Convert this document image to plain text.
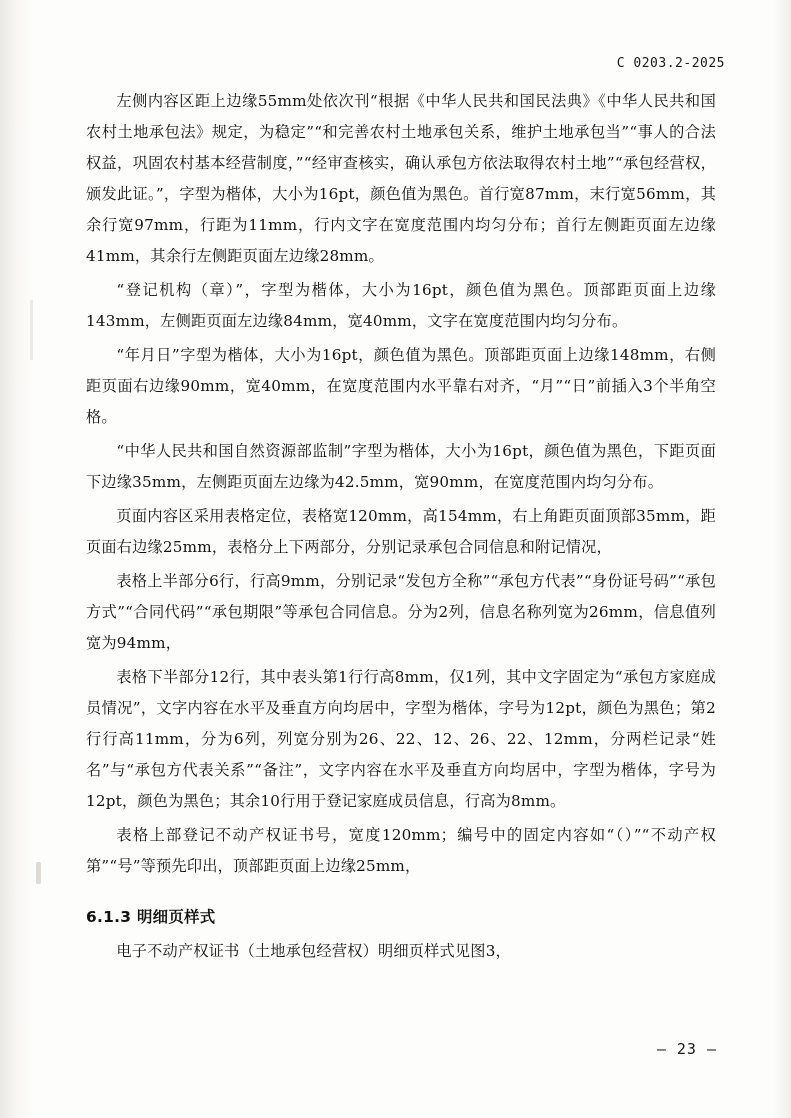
C 0203.2-2025

左侧内容区距上边缘55mm处依次刊“根据《中华人民共和国民法典》《中华人民共和国农村土地承包法》规定，为稳定”“和完善农村土地承包关系，维护土地承包当”“事人的合法权益，巩固农村基本经营制度，”“经审查核实，确认承包方依法取得农村土地”“承包经营权，颁发此证。”，字型为楷体，大小为16pt，颜色值为黑色。首行宽87mm，末行宽56mm，其余行宽97mm，行距为11mm，行内文字在宽度范围内均匀分布；首行左侧距页面左边缘41mm，其余行左侧距页面左边缘28mm。

“登记机构（章）”，字型为楷体，大小为16pt，颜色值为黑色。顶部距页面上边缘143mm，左侧距页面左边缘84mm，宽40mm，文字在宽度范围内均匀分布。

“年月日”字型为楷体，大小为16pt，颜色值为黑色。顶部距页面上边缘148mm，右侧距页面右边缘90mm，宽40mm，在宽度范围内水平靠右对齐，“月”“日”前插入3个半角空格。

“中华人民共和国自然资源部监制”字型为楷体，大小为16pt，颜色值为黑色，下距页面下边缘35mm，左侧距页面左边缘为42.5mm，宽90mm，在宽度范围内均匀分布。

页面内容区采用表格定位，表格宽120mm，高154mm，右上角距页面顶部35mm，距页面右边缘25mm，表格分上下两部分，分别记录承包合同信息和附记情况，

表格上半部分6行，行高9mm，分别记录“发包方全称”“承包方代表”“身份证号码”“承包方式”“合同代码”“承包期限”等承包合同信息。分为2列，信息名称列宽为26mm，信息值列宽为94mm，

表格下半部分12行，其中表头第1行行高8mm，仅1列，其中文字固定为“承包方家庭成员情况”，文字内容在水平及垂直方向均居中，字型为楷体，字号为12pt，颜色为黑色；第2行行高11mm，分为6列，列宽分别为26、22、12、26、22、12mm，分两栏记录“姓名”与“承包方代表关系”“备注”，文字内容在水平及垂直方向均居中，字型为楷体，字号为12pt，颜色为黑色；其余10行用于登记家庭成员信息，行高为8mm。

表格上部登记不动产权证书号，宽度120mm；编号中的固定内容如“（）”“不动产权第”“号”等预先印出，顶部距页面上边缘25mm，

6.1.3 明细页样式

电子不动产权证书（土地承包经营权）明细页样式见图3，

— 23 —
